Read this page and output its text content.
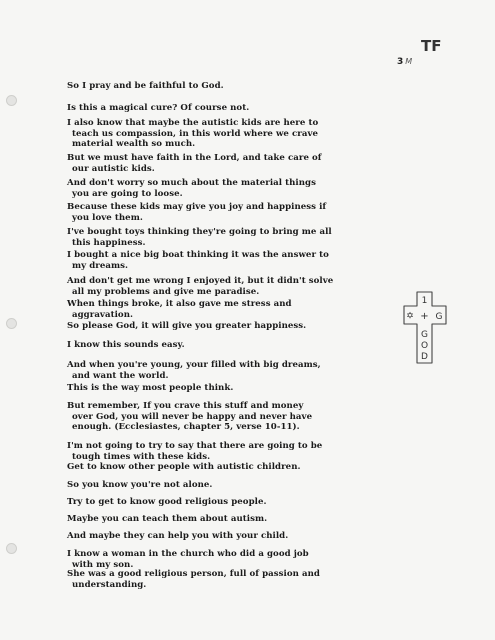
TF
3 M
So I pray and be faithful to God.
Is this a magical cure? Of course not.
I also know that maybe the autistic kids are here to
teach us compassion, in this world where we crave
material wealth so much.
But we must have faith in the Lord, and take care of
our autistic kids.
And don't worry so much about the material things
you are going to loose.
Because these kids may give you joy and happiness if
you love them.
I've bought toys thinking they're going to bring me all
this happiness.
I bought a nice big boat thinking it was the answer to
my dreams.
And don't get me wrong I enjoyed it, but it didn't solve
all my problems and give me paradise.
When things broke, it also gave me stress and
aggravation.
So please God, it will give you greater happiness.
I know this sounds easy.
And when you're young, your filled with big dreams,
and want the world.
This is the way most people think.
But remember, If you crave this stuff and money
over God, you will never be happy and never have
enough. (Ecclesiastes, chapter 5, verse 10-11).
I'm not going to try to say that there are going to be
tough times with these kids.
Get to know other people with autistic children.
So you know you're not alone.
Try to get to know good religious people.
Maybe you can teach them about autism.
And maybe they can help you with your child.
I know a woman in the church who did a good job
with my son.
She was a good religious person, full of passion and
understanding.
1
✡ + G
G
O
D
